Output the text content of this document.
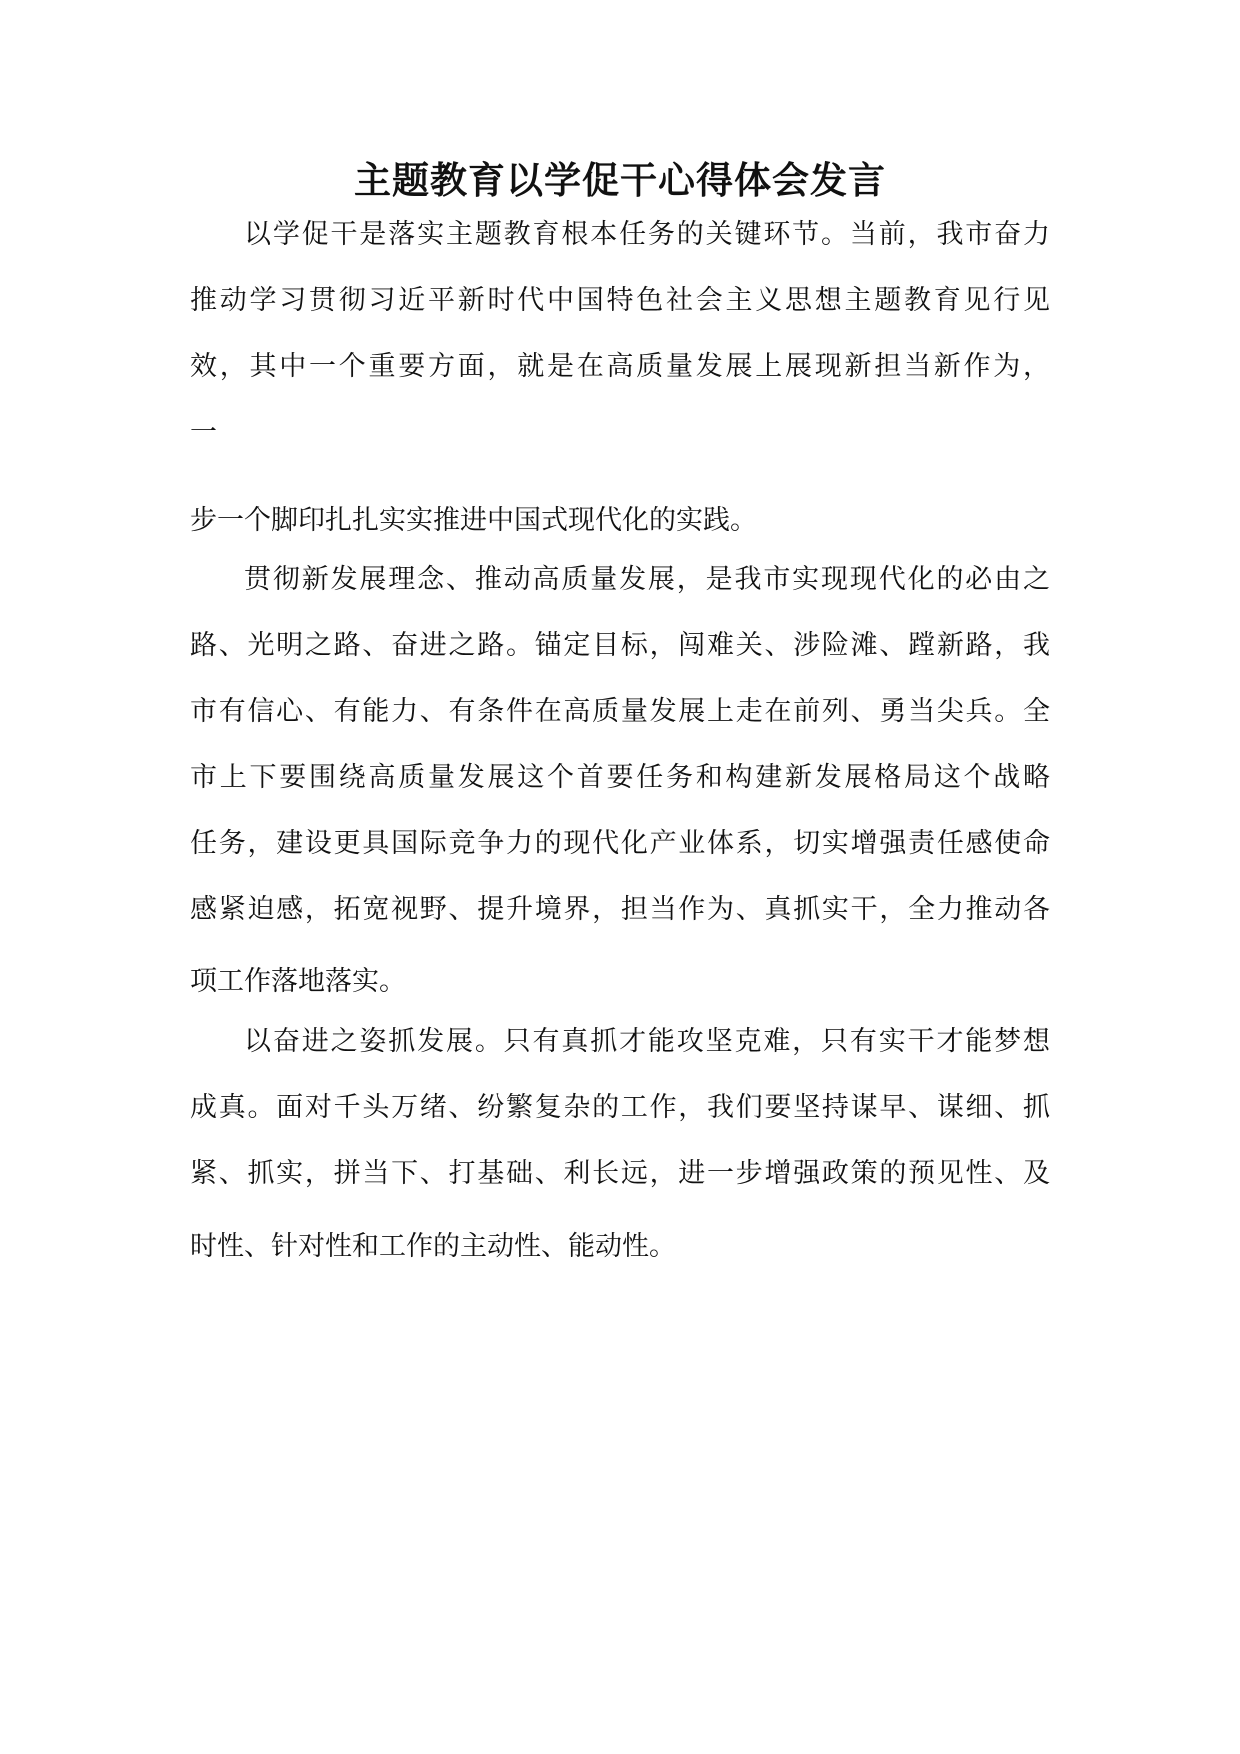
主题教育以学促干心得体会发言

以学促干是落实主题教育根本任务的关键环节。当前，我市奋力

推动学习贯彻习近平新时代中国特色社会主义思想主题教育见行见

效，其中一个重要方面，就是在高质量发展上展现新担当新作为，

一

步一个脚印扎扎实实推进中国式现代化的实践。

贯彻新发展理念、推动高质量发展，是我市实现现代化的必由之

路、光明之路、奋进之路。锚定目标，闯难关、涉险滩、蹚新路，我

市有信心、有能力、有条件在高质量发展上走在前列、勇当尖兵。全

市上下要围绕高质量发展这个首要任务和构建新发展格局这个战略

任务，建设更具国际竞争力的现代化产业体系，切实增强责任感使命

感紧迫感，拓宽视野、提升境界，担当作为、真抓实干，全力推动各

项工作落地落实。

以奋进之姿抓发展。只有真抓才能攻坚克难，只有实干才能梦想

成真。面对千头万绪、纷繁复杂的工作，我们要坚持谋早、谋细、抓

紧、抓实，拼当下、打基础、利长远，进一步增强政策的预见性、及

时性、针对性和工作的主动性、能动性。
